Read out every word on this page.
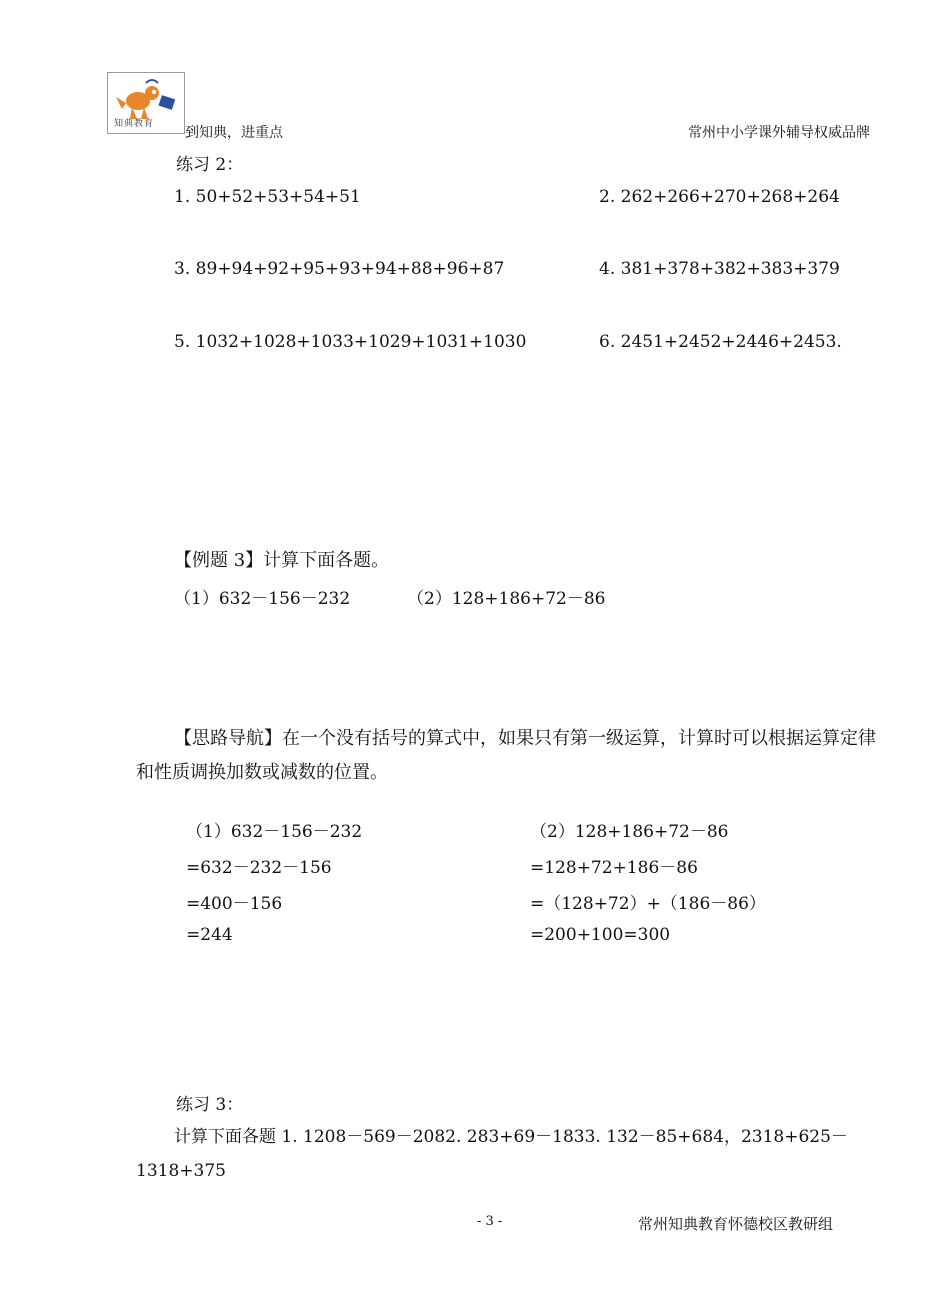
知典教育
到知典，进重点	常州中小学课外辅导权威品牌
练习 2：
1. 50+52+53+54+51	2. 262+266+270+268+264
3. 89+94+92+95+93+94+88+96+87	4. 381+378+382+383+379
5. 1032+1028+1033+1029+1031+1030	6. 2451+2452+2446+2453.
【例题 3】计算下面各题。
（1）632－156－232	（2）128+186+72－86
【思路导航】在一个没有括号的算式中，如果只有第一级运算，计算时可以根据运算定律和性质调换加数或减数的位置。
（1）632－156－232
=632－232－156
=400－156
=244
（2）128+186+72－86
=128+72+186－86
=（128+72）+（186－86）
=200+100=300
练习 3：
计算下面各题 1. 1208－569－2082. 283+69－1833. 132－85+684，2318+625－1318+375
- 3 -	常州知典教育怀德校区教研组
